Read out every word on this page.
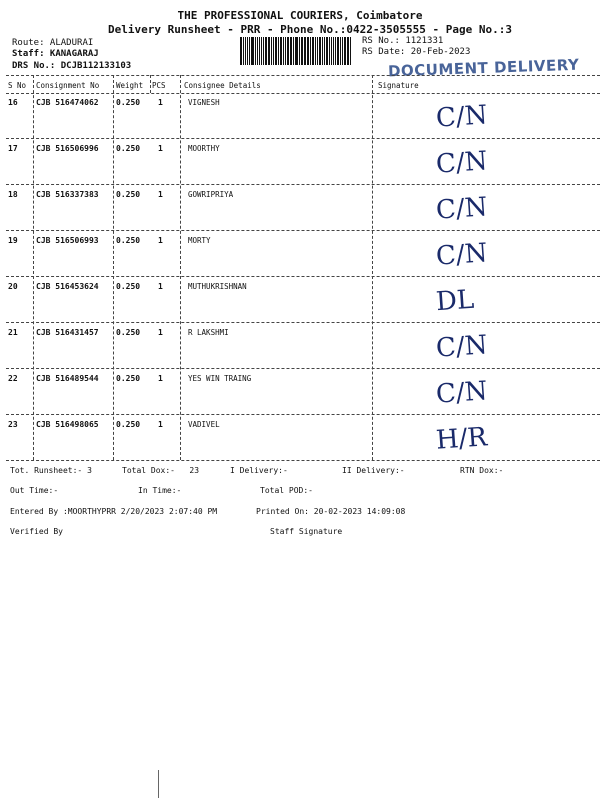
THE PROFESSIONAL COURIERS, Coimbatore
Delivery Runsheet - PRR - Phone No.:0422-3505555 - Page No.:3
Route: ALADURAI
Staff: KANAGARAJ
DRS No.: DCJB112133103
RS No.: 1121331
RS Date: 20-Feb-2023
DOCUMENT DELIVERY
S No Consignment No Weight PCS Consignee Details	Signature
16 CJB 516474062 0.250 1	VIGNESH	C/N
17 CJB 516506996 0.250 1	MOORTHY	C/N
18 CJB 516337383 0.250 1	GOWRIPRIYA	C/N
19 CJB 516506993 0.250 1	MORTY	C/N
20 CJB 516453624 0.250 1	MUTHUKRISHNAN	DL
21 CJB 516431457 0.250 1	R LAKSHMI	C/N
22 CJB 516489544 0.250 1	YES WIN TRAING	C/N
23 CJB 516498065 0.250 1	VADIVEL	H/R
Tot. Runsheet:- 3	Total Dox:-   23	I Delivery:-	II Delivery:-	RTN Dox:-
Out Time:-	In Time:-	Total POD:-
Entered By :MOORTHYPRR 2/20/2023 2:07:40 PM	Printed On: 20-02-2023 14:09:08
Verified By	Staff Signature
